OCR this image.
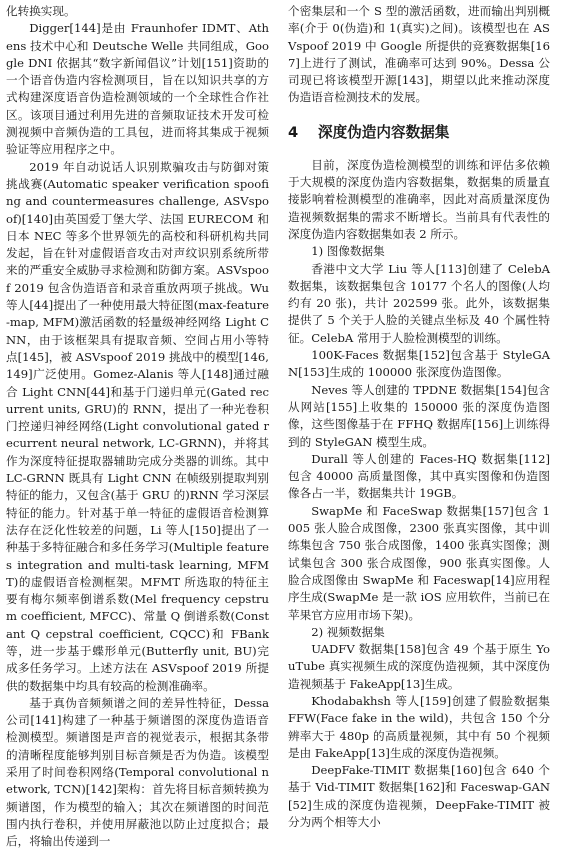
化转换实现。

Digger[144]是由 Fraunhofer IDMT、Athens 技术中心和 Deutsche Welle 共同组成，Google DNI 依据其“数字新闻倡议”计划[151]资助的一个语音伪造内容检测项目，旨在以知识共享的方式构建深度语音伪造检测领域的一个全球性合作社区。该项目通过利用先进的音频取证技术开发可检测视频中音频伪造的工具包，进而将其集成于视频验证等应用程序之中。

2019 年自动说话人识别欺骗攻击与防御对策挑战赛(Automatic speaker verification spoofing and countermeasures challenge, ASVspoof)[140]由英国爱丁堡大学、法国 EURECOM 和日本 NEC 等多个世界领先的高校和科研机构共同发起，旨在针对虚假语音攻击对声纹识别系统所带来的严重安全威胁寻求检测和防御方案。ASVspoof 2019 包含伪造语音和录音重放两项子挑战。Wu 等人[44]提出了一种使用最大特征图(max-feature-map, MFM)激活函数的轻量级神经网络 Light CNN，由于该框架具有提取音频、空间占用小等特点[145]，被 ASVspoof 2019 挑战中的模型[146, 149]广泛使用。Gomez-Alanis 等人[148]通过融合 Light CNN[44]和基于门递归单元(Gated recurrent units, GRU)的 RNN，提出了一种光卷积门控递归神经网络(Light convolutional gated recurrent neural network, LC-GRNN)，并将其作为深度特征提取器辅助完成分类器的训练。其中 LC-GRNN 既具有 Light CNN 在帧级别提取判别特征的能力，又包含(基于 GRU 的)RNN 学习深层特征的能力。针对基于单一特征的虚假语音检测算法存在泛化性较差的问题，Li 等人[150]提出了一种基于多特征融合和多任务学习(Multiple features integration and multi-task learning, MFMT)的虚假语音检测框架。MFMT 所选取的特征主要有梅尔频率倒谱系数(Mel frequency cepstrum coefficient, MFCC)、常量 Q 倒谱系数(Constant Q cepstral coefficient, CQCC)和 FBank 等，进一步基于蝶形单元(Butterfly unit, BU)完成多任务学习。上述方法在 ASVspoof 2019 所提供的数据集中均具有较高的检测准确率。

基于真伪音频频谱之间的差异性特征，Dessa 公司[141]构建了一种基于频谱图的深度伪造语音检测模型。频谱图是声音的视觉表示，根据其条带的清晰程度能够判别目标音频是否为伪造。该模型采用了时间卷积网络(Temporal convolutional network, TCN)[142]架构：首先将目标音频转换为频谱图，作为模型的输入；其次在频谱图的时间范围内执行卷积，并使用屏蔽池以防止过度拟合；最后，将输出传递到一

个密集层和一个 S 型的激活函数，进而输出判别概率(介于 0(伪造)和 1(真实)之间)。该模型也在 ASVspoof 2019 中 Google 所提供的竞赛数据集[167]上进行了测试，准确率可达到 90%。Dessa 公司现已将该模型开源[143]，期望以此来推动深度伪造语音检测技术的发展。

4 深度伪造内容数据集

目前，深度伪造检测模型的训练和评估多依赖于大规模的深度伪造内容数据集，数据集的质量直接影响着检测模型的准确率，因此对高质量深度伪造视频数据集的需求不断增长。当前具有代表性的深度伪造内容数据集如表 2 所示。

1) 图像数据集

香港中文大学 Liu 等人[113]创建了 CelebA 数据集，该数据集包含 10177 个名人的图像(人均约有 20 张)，共计 202599 张。此外，该数据集提供了 5 个关于人脸的关键点坐标及 40 个属性特征。CelebA 常用于人脸检测模型的训练。

100K-Faces 数据集[152]包含基于 StyleGAN[153]生成的 100000 张深度伪造图像。

Neves 等人创建的 TPDNE 数据集[154]包含从网站[155]上收集的 150000 张的深度伪造图像，这些图像基于在 FFHQ 数据库[156]上训练得到的 StyleGAN 模型生成。

Durall 等人创建的 Faces-HQ 数据集[112]包含 40000 高质量图像，其中真实图像和伪造图像各占一半，数据集共计 19GB。

SwapMe 和 FaceSwap 数据集[157]包含 1005 张人脸合成图像，2300 张真实图像，其中训练集包含 750 张合成图像，1400 张真实图像；测试集包含 300 张合成图像，900 张真实图像。人脸合成图像由 SwapMe 和 Faceswap[14]应用程序生成(SwapMe 是一款 iOS 应用软件，当前已在苹果官方应用市场下架)。

2) 视频数据集

UADFV 数据集[158]包含 49 个基于原生 YouTube 真实视频生成的深度伪造视频，其中深度伪造视频基于 FakeApp[13]生成。

Khodabakhsh 等人[159]创建了假脸数据集 FFW(Face fake in the wild)，共包含 150 个分辨率大于 480p 的高质量视频，其中有 50 个视频是由 FakeApp[13]生成的深度伪造视频。

DeepFake-TIMIT 数据集[160]包含 640 个基于 Vid-TIMIT 数据集[162]和 Faceswap-GAN[52]生成的深度伪造视频，DeepFake-TIMIT 被分为两个相等大小
